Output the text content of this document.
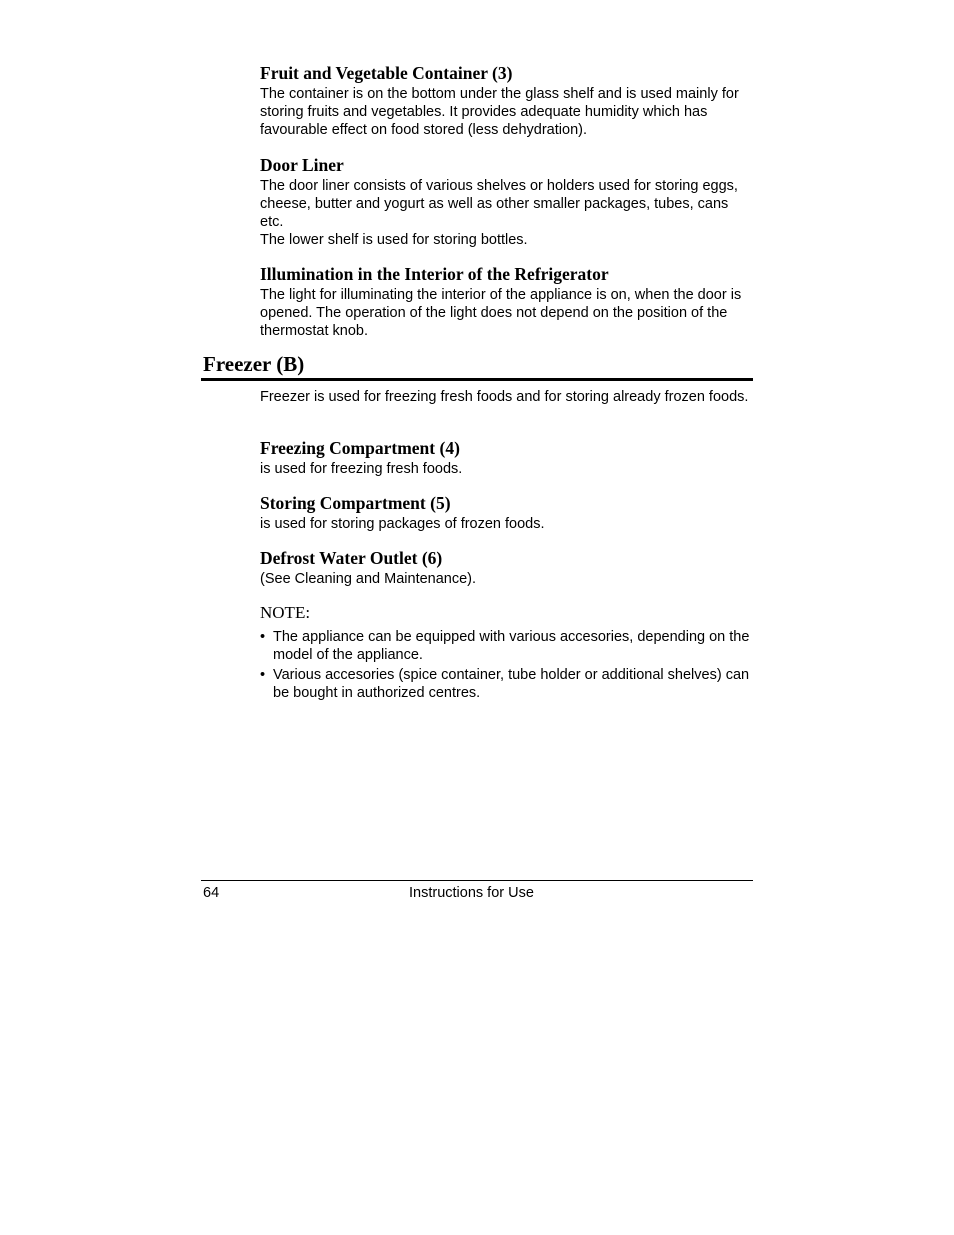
Fruit and Vegetable Container (3)

The container is on the bottom under the glass shelf and is used mainly for storing fruits and vegetables. It provides adequate humidity which has favourable effect on food stored (less dehydration).

Door Liner

The door liner consists of various shelves or holders used for storing eggs, cheese, butter and yogurt as well as other smaller packages, tubes, cans etc.

The lower shelf is used for storing bottles.

Illumination in the Interior of the Refrigerator

The light for illuminating the interior of the appliance is on, when the door is opened. The operation of the light does not depend on the position of the thermostat knob.

Freezer (B)

Freezer is used for freezing fresh foods and for storing already frozen foods.

Freezing Compartment (4)

is used for freezing fresh foods.

Storing Compartment (5)

is used for storing packages of frozen foods.

Defrost Water Outlet (6)

(See Cleaning and Maintenance).

NOTE:

• The appliance can be equipped with various accesories, depending on the model of the appliance.
• Various accesories (spice container, tube holder or additional shelves) can be bought in authorized centres.
64	Instructions for Use
